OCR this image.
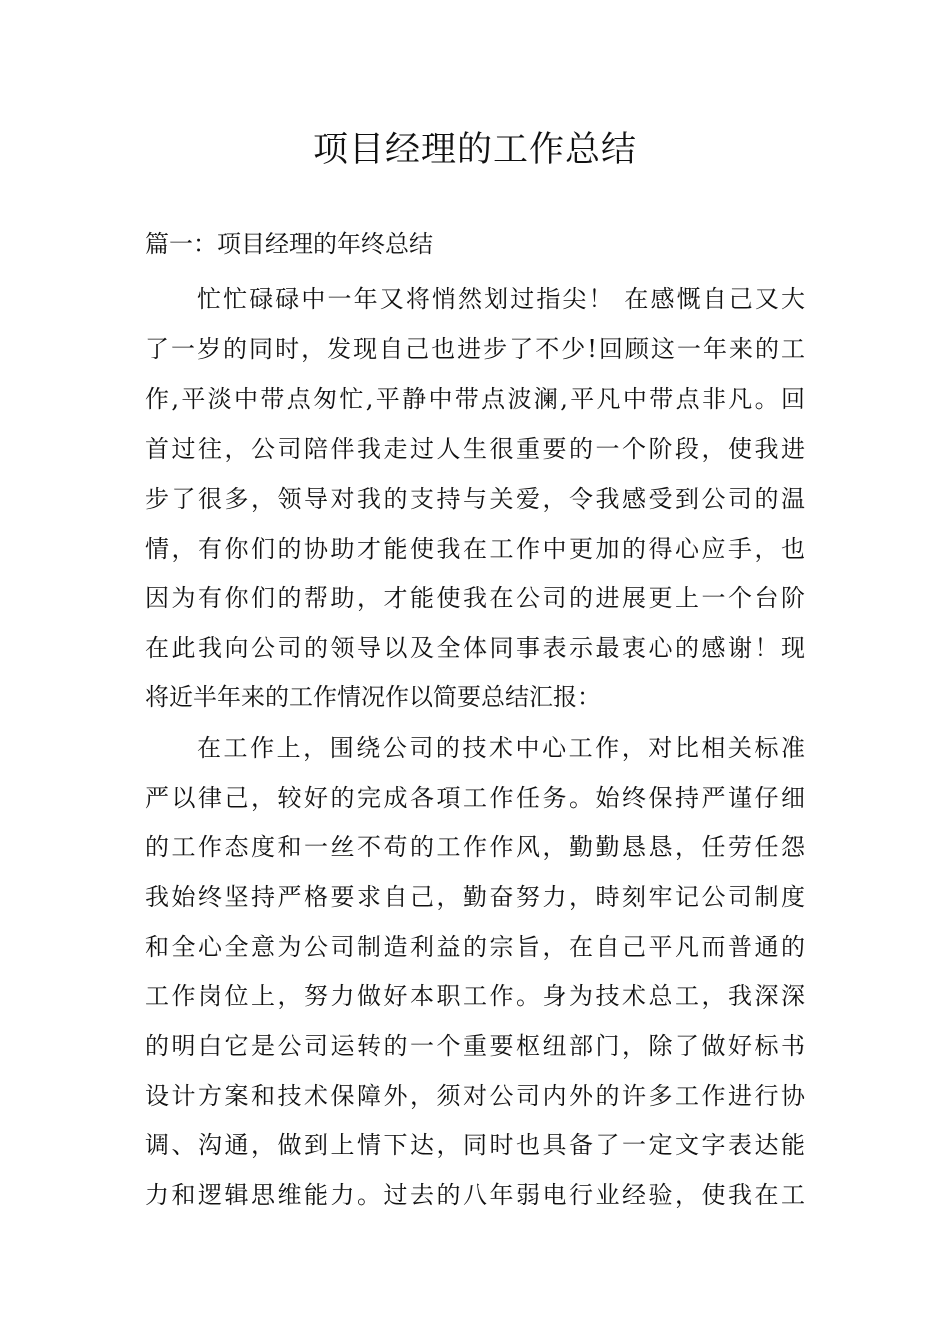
项目经理的工作总结

篇一：项目经理的年终总结

忙忙碌碌中一年又将悄然划过指尖！ 在感慨自己又大

了一岁的同时，发现自己也进步了不少!回顾这一年来的工

作,平淡中带点匆忙,平静中带点波澜,平凡中带点非凡。回

首过往，公司陪伴我走过人生很重要的一个阶段，使我进

步了很多，领导对我的支持与关爱，令我感受到公司的温

情，有你们的协助才能使我在工作中更加的得心应手，也

因为有你们的帮助，才能使我在公司的进展更上一个台阶

在此我向公司的领导以及全体同事表示最衷心的感谢！现

将近半年来的工作情况作以简要总结汇报：

在工作上，围绕公司的技术中心工作，对比相关标准

严以律己，较好的完成各項工作任务。始终保持严谨仔细

的工作态度和一丝不苟的工作作风，勤勤恳恳，任劳任怨

我始终坚持严格要求自己，勤奋努力，時刻牢记公司制度

和全心全意为公司制造利益的宗旨，在自己平凡而普通的

工作岗位上，努力做好本职工作。身为技术总工，我深深

的明白它是公司运转的一个重要枢纽部门，除了做好标书

设计方案和技术保障外，须对公司内外的许多工作进行协

调、沟通，做到上情下达，同时也具备了一定文字表达能

力和逻辑思维能力。过去的八年弱电行业经验，使我在工
